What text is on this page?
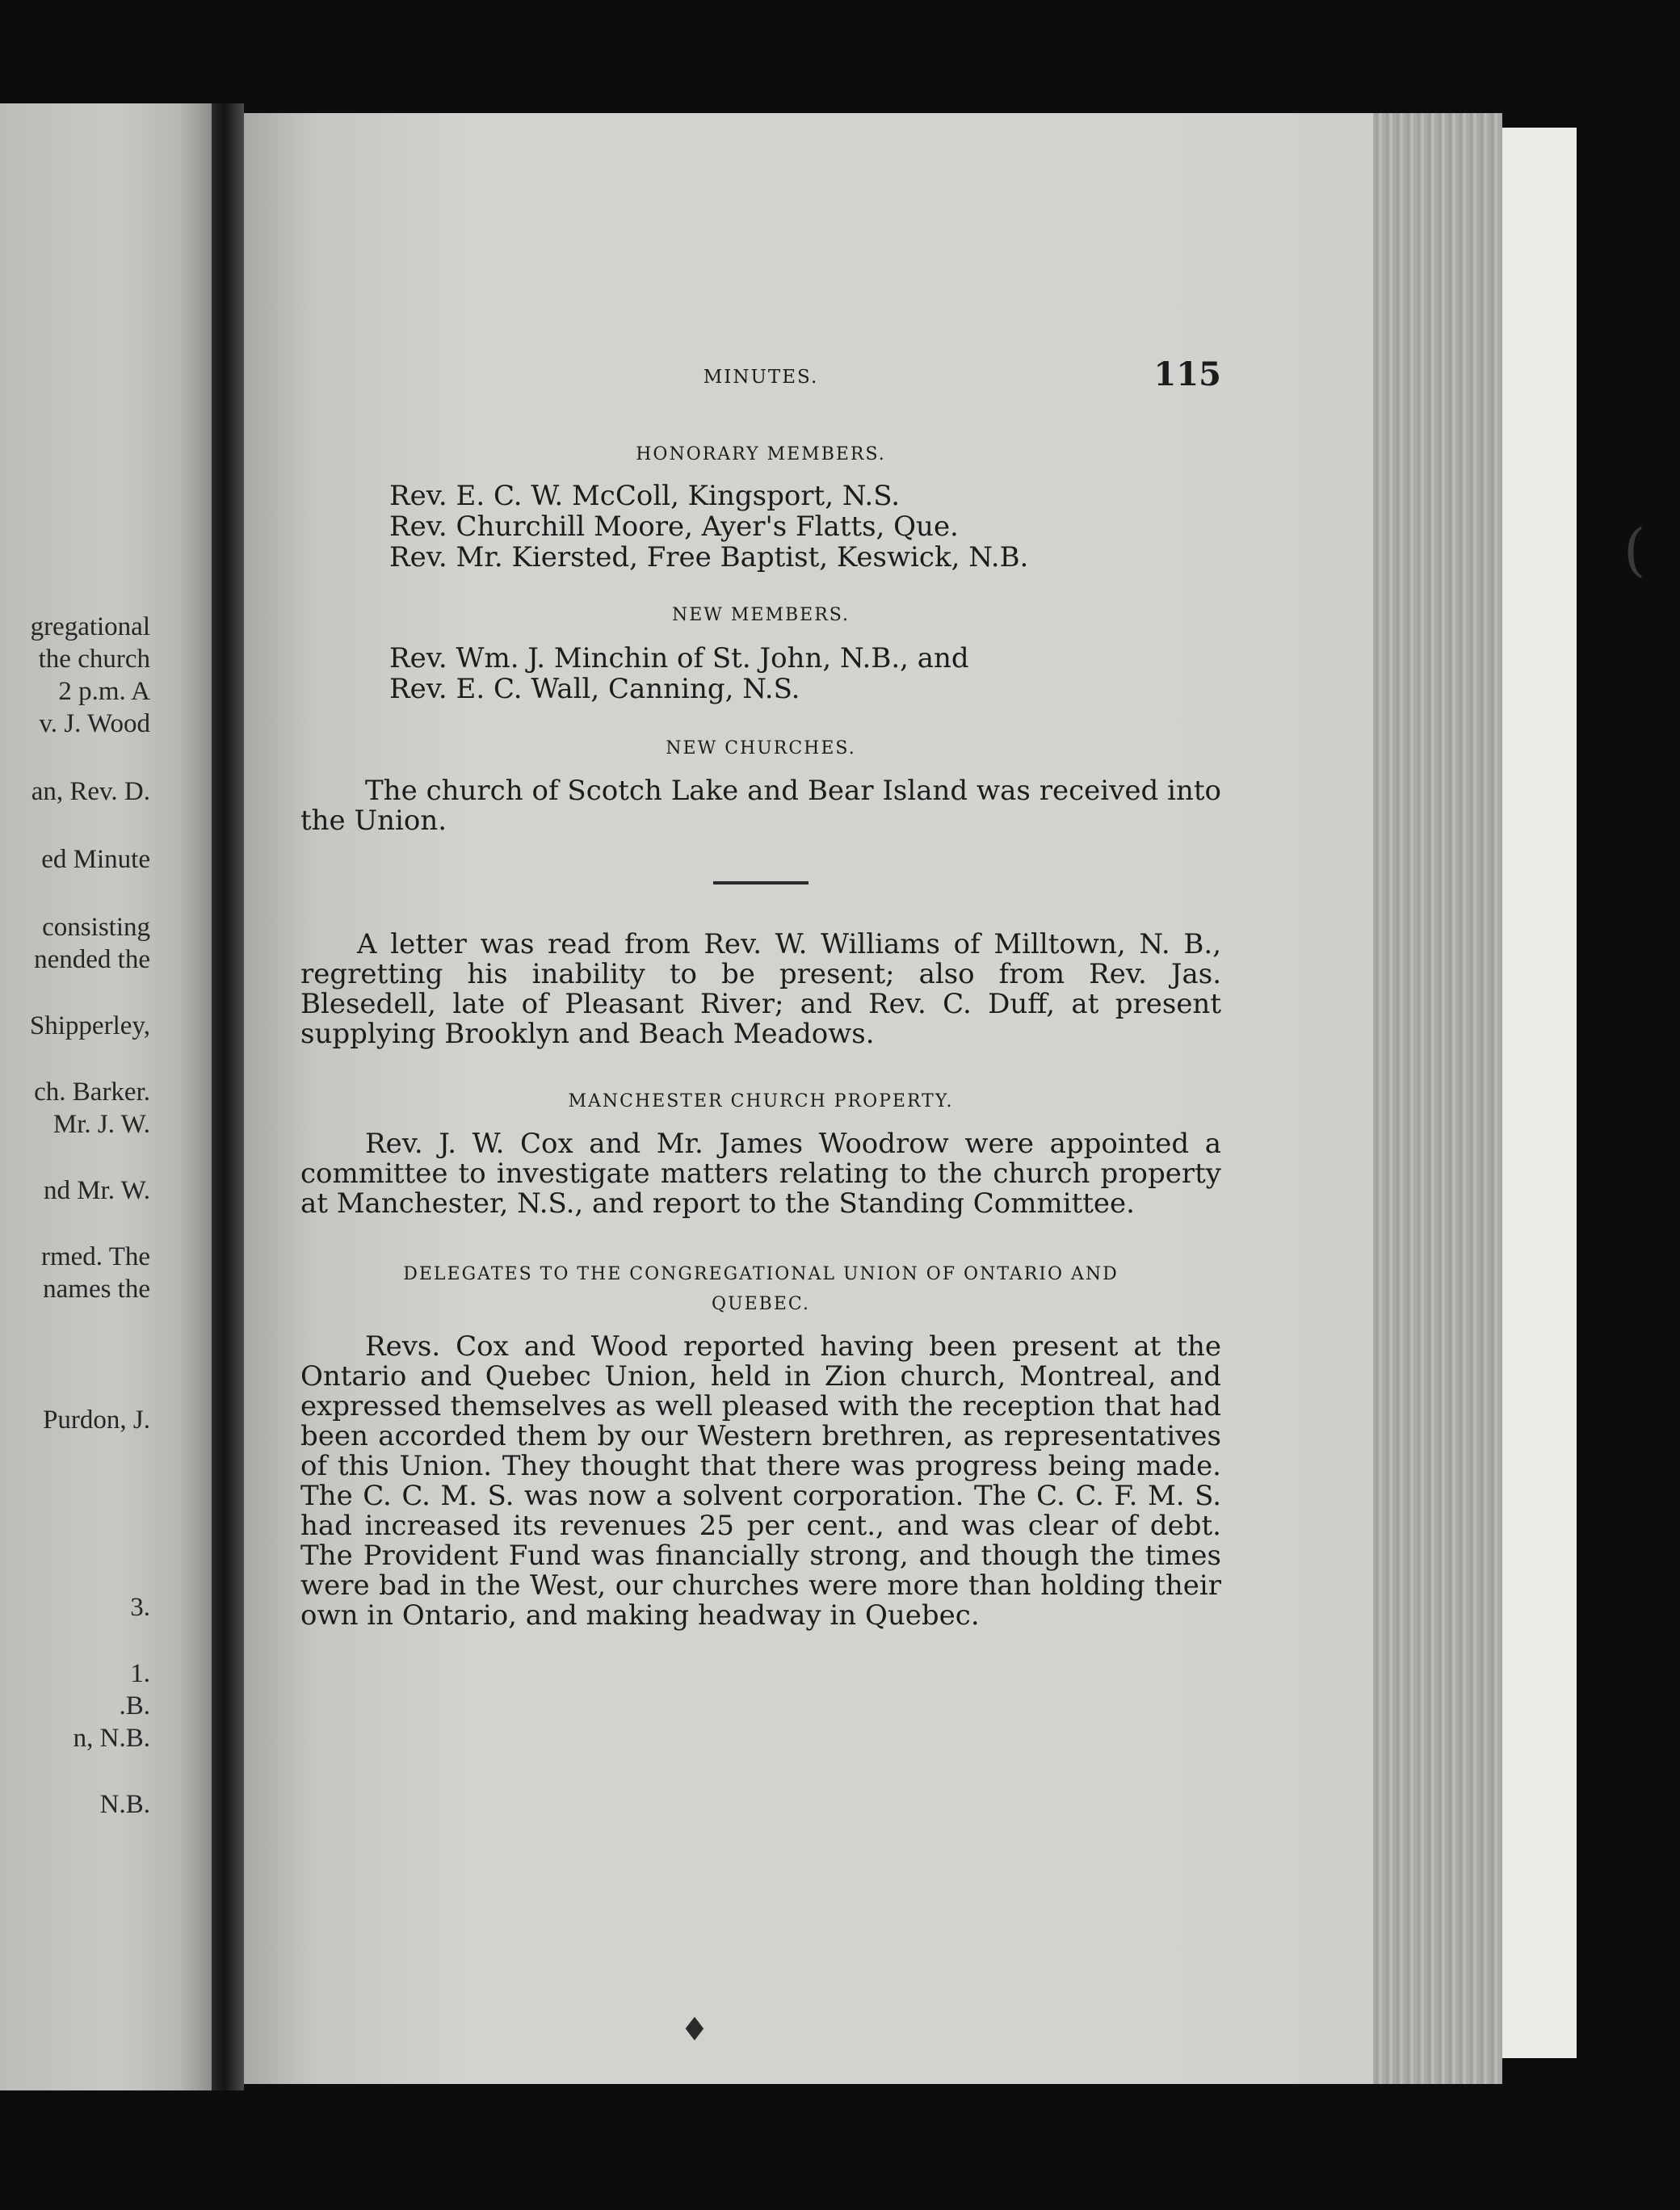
gregational
the church
2 p.m. A
v. J. Wood
an, Rev. D.
ed Minute
consisting
nended the
Shipperley,
ch. Barker.
Mr. J. W.
nd Mr. W.
rmed. The
names the
Purdon, J.
3.
1.
.B.
n, N.B.
N.B.
MINUTES.	115
HONORARY MEMBERS.
Rev. E. C. W. McColl, Kingsport, N.S.
Rev. Churchill Moore, Ayer's Flatts, Que.
Rev. Mr. Kiersted, Free Baptist, Keswick, N.B.
NEW MEMBERS.
Rev. Wm. J. Minchin of St. John, N.B., and
Rev. E. C. Wall, Canning, N.S.
NEW CHURCHES.
The church of Scotch Lake and Bear Island was received into the Union.
A letter was read from Rev. W. Williams of Milltown, N. B., regretting his inability to be present; also from Rev. Jas. Blesedell, late of Pleasant River; and Rev. C. Duff, at present supplying Brooklyn and Beach Meadows.
MANCHESTER CHURCH PROPERTY.
Rev. J. W. Cox and Mr. James Woodrow were appointed a committee to investigate matters relating to the church property at Manchester, N.S., and report to the Standing Committee.
DELEGATES TO THE CONGREGATIONAL UNION OF ONTARIO AND
QUEBEC.
Revs. Cox and Wood reported having been present at the Ontario and Quebec Union, held in Zion church, Montreal, and expressed themselves as well pleased with the reception that had been accorded them by our Western brethren, as representatives of this Union. They thought that there was progress being made. The C. C. M. S. was now a solvent corporation. The C. C. F. M. S. had increased its revenues 25 per cent., and was clear of debt. The Provident Fund was financially strong, and though the times were bad in the West, our churches were more than holding their own in Ontario, and making headway in Quebec.
♦
(
